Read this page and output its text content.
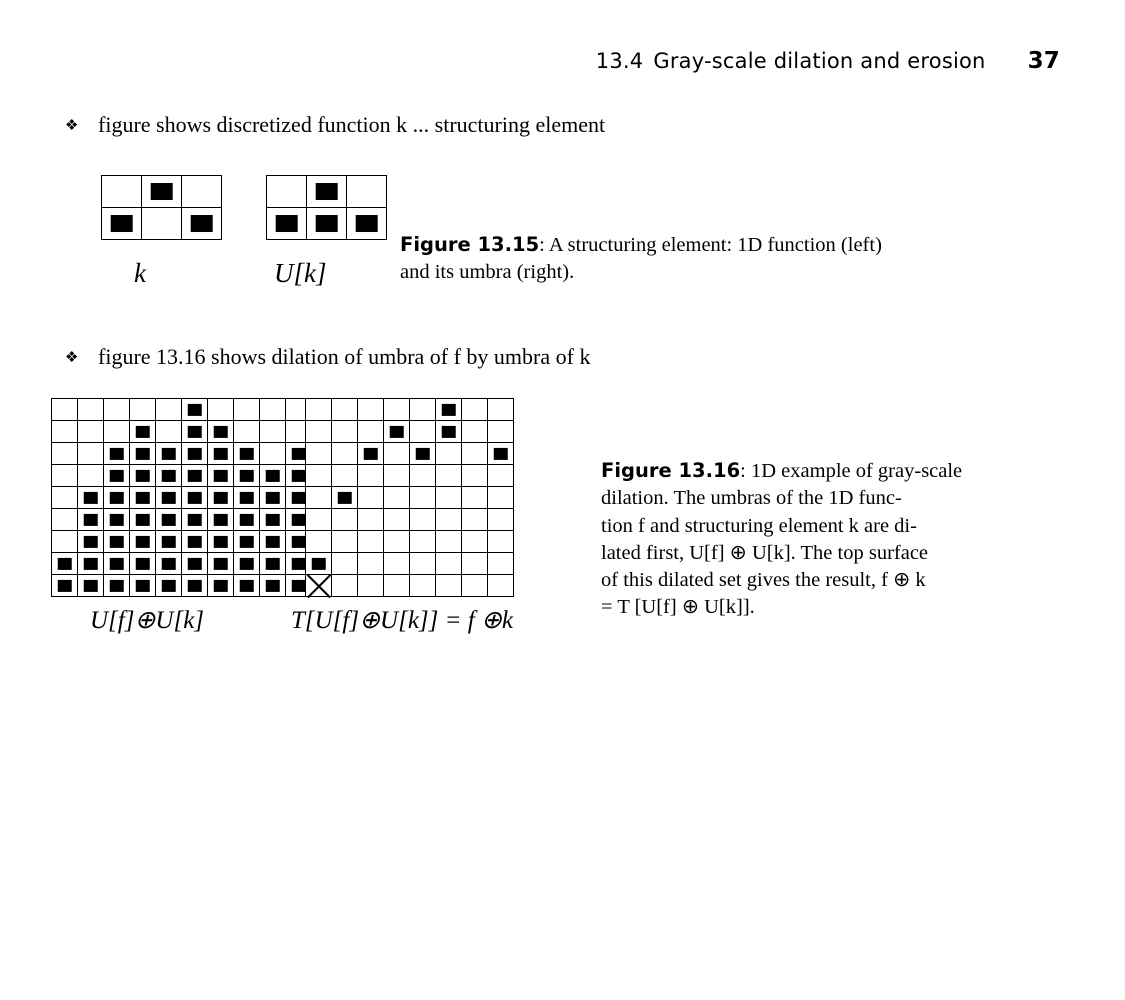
13.4 Gray-scale dilation and erosion 37
❖ figure shows discretized function k ... structuring element
k	U[k]
Figure 13.15: A structuring element: 1D function (left)
and its umbra (right).
❖ figure 13.16 shows dilation of umbra of f by umbra of k
U[f]⊕U[k]	T[U[f]⊕U[k]] = f ⊕k
Figure 13.16: 1D example of gray-scale
dilation. The umbras of the 1D func-
tion f and structuring element k are di-
lated first, U[f] ⊕ U[k]. The top surface
of this dilated set gives the result, f ⊕ k
= T [U[f] ⊕ U[k]].
